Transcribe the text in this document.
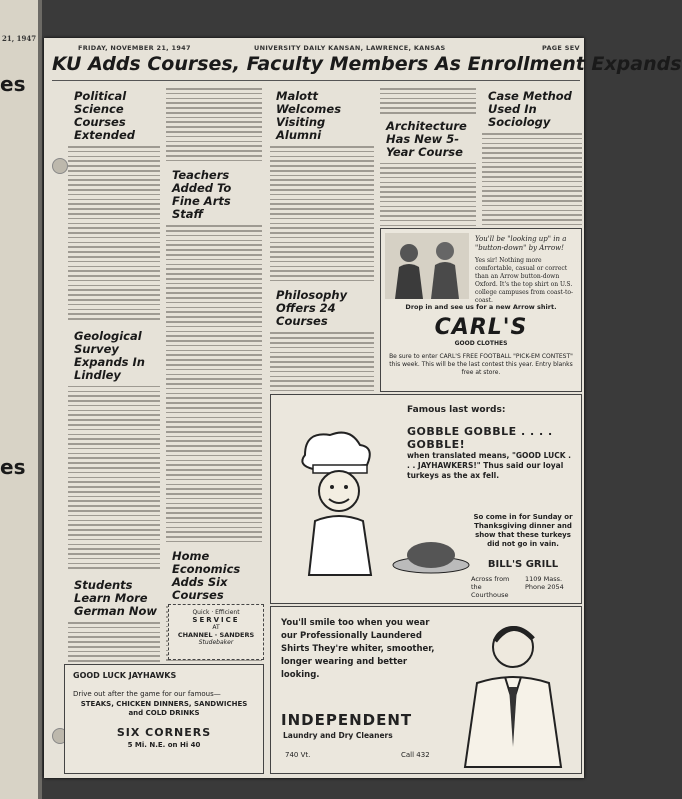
21, 1947
es
es
FRIDAY, NOVEMBER 21, 1947	UNIVERSITY DAILY KANSAN, LAWRENCE, KANSAS	PAGE SEV
KU Adds Courses, Faculty Members As Enrollment Expands
Political Science Courses Extended
Geological Survey Expands In Lindley
Students Learn More German Now
Teachers Added To Fine Arts Staff
Home Economics Adds Six Courses
Malott Welcomes Visiting Alumni
Philosophy Offers 24 Courses
Architecture Has New 5-Year Course
Case Method Used In Sociology
You'll be "looking up" in a "button-down" by Arrow!
Yes sir! Nothing more comfortable, casual or correct than an Arrow button-down Oxford. It's the top shirt on U.S. college campuses from coast-to-coast.
Drop in and see us for a new Arrow shirt.
CARL'S
GOOD CLOTHES
Be sure to enter CARL'S FREE FOOTBALL "PICK-EM CONTEST" this week. This will be the last contest this year. Entry blanks free at store.
Famous last words:
GOBBLE GOBBLE . . . . GOBBLE!
when translated means, "GOOD LUCK . . . JAYHAWKERS!" Thus said our loyal turkeys as the ax fell.
So come in for Sunday or Thanksgiving dinner and show that these turkeys did not go in vain.
BILL'S GRILL
Across from the Courthouse
1109 Mass. Phone 2054
Quick · Efficient
SERVICE
AT
CHANNEL · SANDERS
Studebaker
GOOD LUCK JAYHAWKS
Drive out after the game for our famous—
STEAKS, CHICKEN DINNERS, SANDWICHES and COLD DRINKS
SIX CORNERS
5 Mi. N.E. on Hi 40
You'll smile too when you wear our Professionally Laundered Shirts They're whiter, smoother, longer wearing and better looking.
INDEPENDENT
Laundry and Dry Cleaners
740 Vt.	Call 432
